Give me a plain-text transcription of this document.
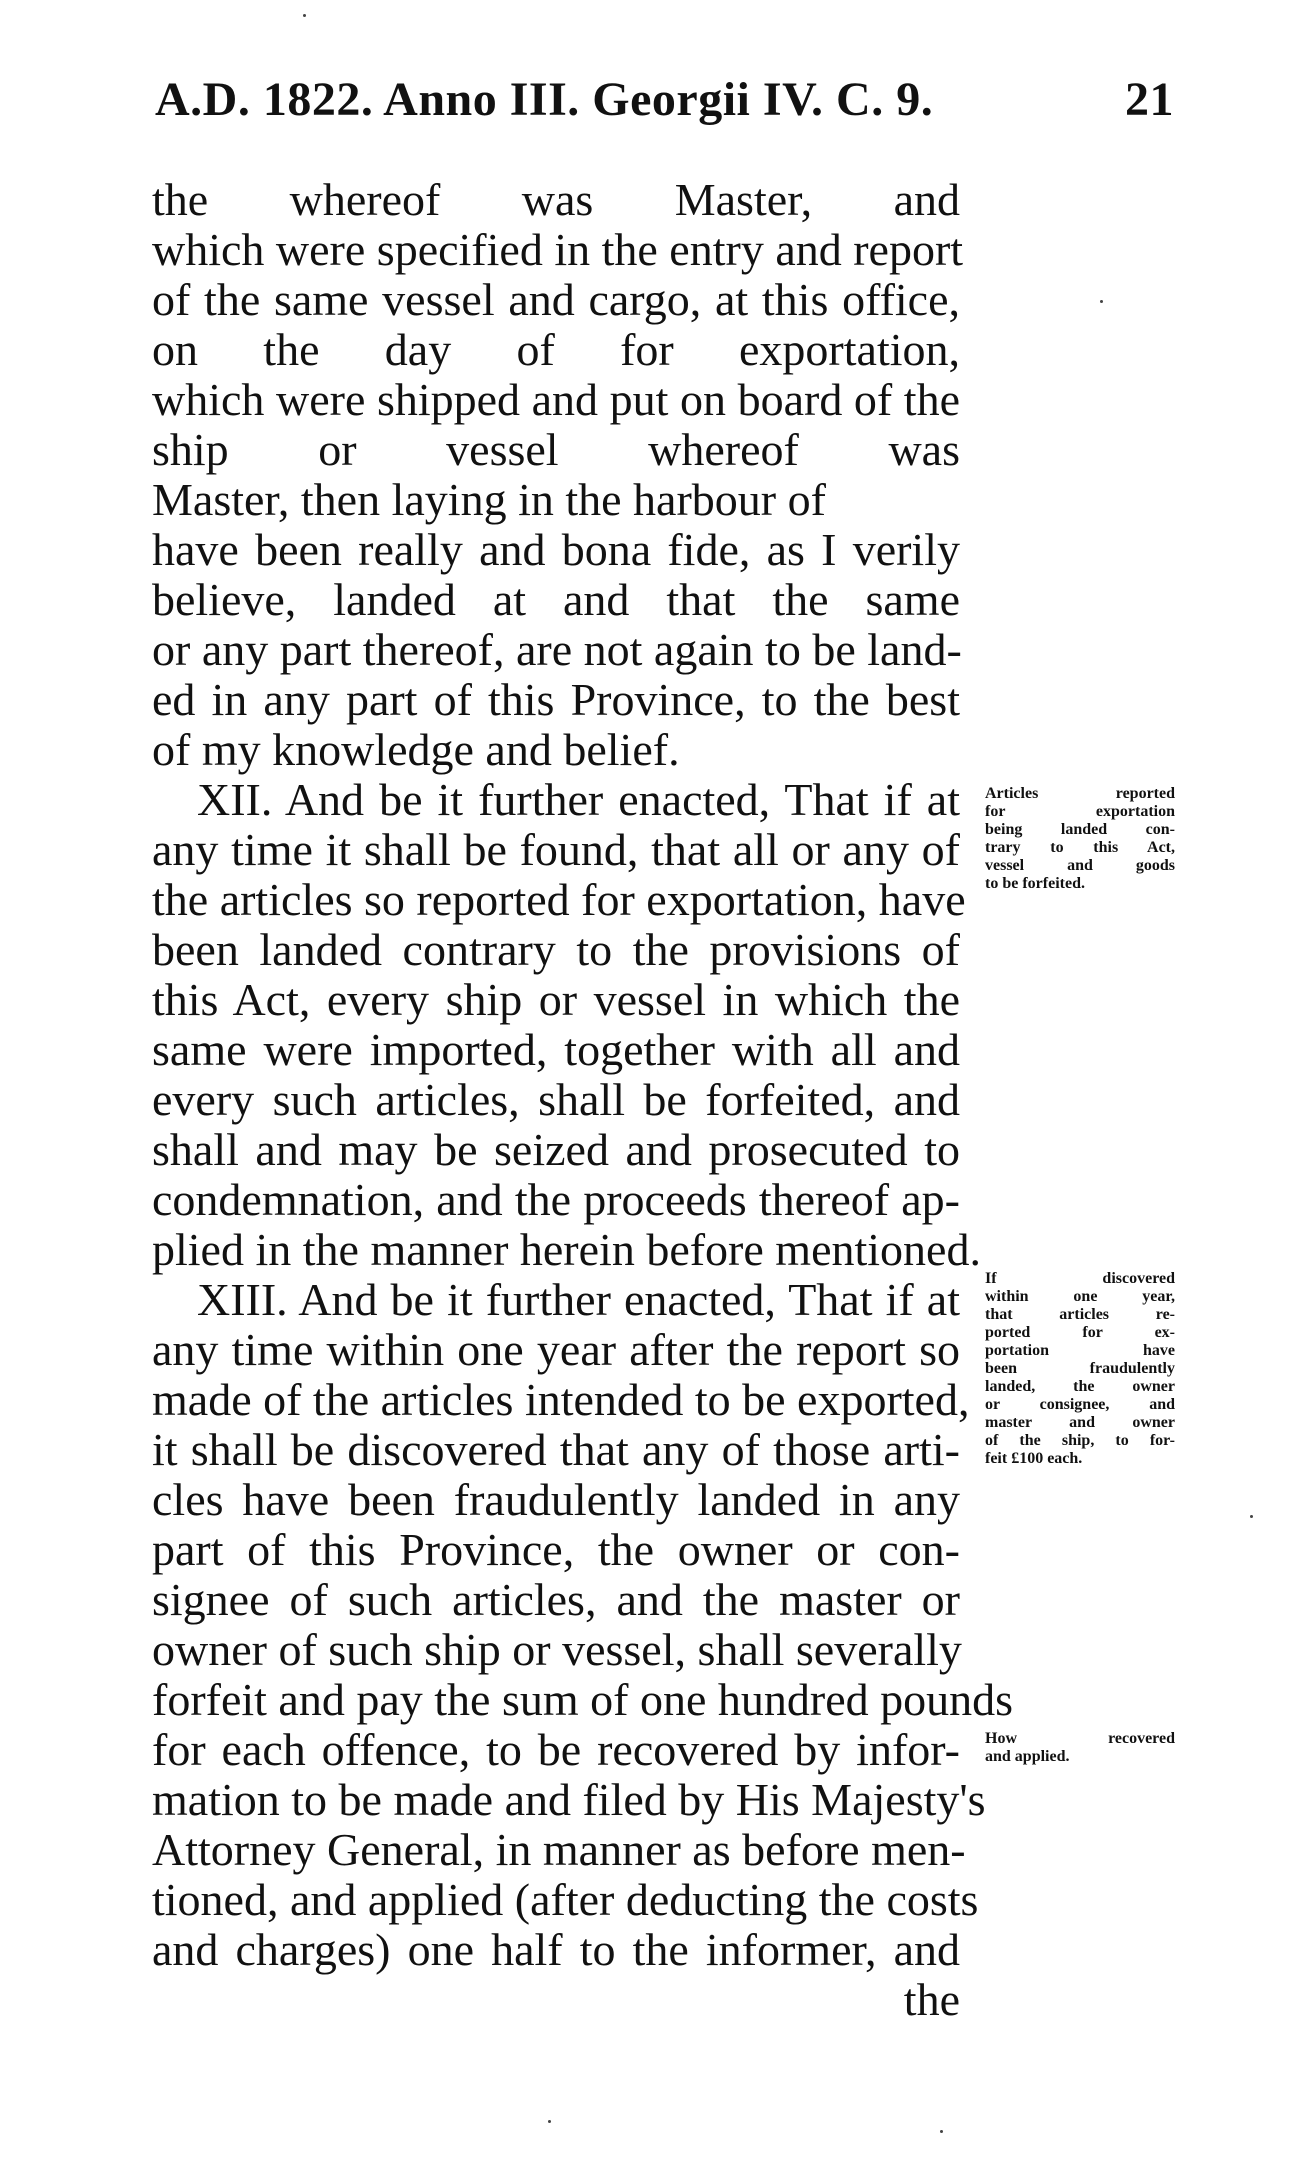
A.D. 1822. Anno III. Georgii IV. C. 9.	21
the whereof was Master, and
which were specified in the entry and report
of the same vessel and cargo, at this office,
on the day of for exportation,
which were shipped and put on board of the
ship or vessel whereof was
Master, then laying in the harbour of
have been really and bona fide, as I verily
believe, landed at and that the same
or any part thereof, are not again to be land-
ed in any part of this Province, to the best
of my knowledge and belief.
XII. And be it further enacted, That if at
any time it shall be found, that all or any of
the articles so reported for exportation, have
been landed contrary to the provisions of
this Act, every ship or vessel in which the
same were imported, together with all and
every such articles, shall be forfeited, and
shall and may be seized and prosecuted to
condemnation, and the proceeds thereof ap-
plied in the manner herein before mentioned.
XIII. And be it further enacted, That if at
any time within one year after the report so
made of the articles intended to be exported,
it shall be discovered that any of those arti-
cles have been fraudulently landed in any
part of this Province, the owner or con-
signee of such articles, and the master or
owner of such ship or vessel, shall severally
forfeit and pay the sum of one hundred pounds
for each offence, to be recovered by infor-
mation to be made and filed by His Majesty's
Attorney General, in manner as before men-
tioned, and applied (after deducting the costs
and charges) one half to the informer, and
the
Articles reported
for exportation
being landed con-
trary to this Act,
vessel and goods
to be forfeited.
If discovered
within one year,
that articles re-
ported for ex-
portation have
been fraudulently
landed, the owner
or consignee, and
master and owner
of the ship, to for-
feit £100 each.
How recovered
and applied.
